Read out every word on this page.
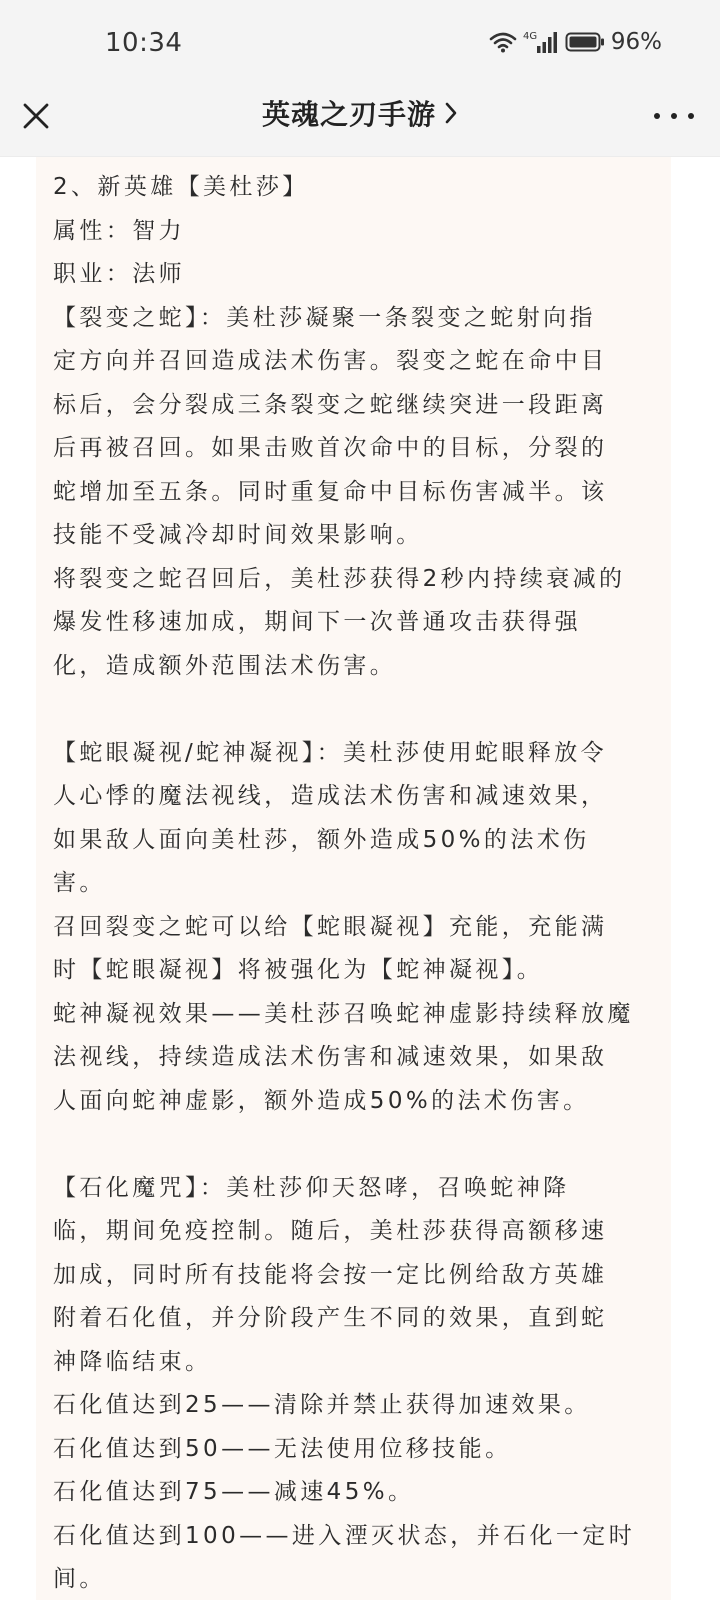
10:34	4G	96%
英魂之刃手游
2、新英雄【美杜莎】
属性：智力
职业：法师
【裂变之蛇】：美杜莎凝聚一条裂变之蛇射向指
定方向并召回造成法术伤害。裂变之蛇在命中目
标后，会分裂成三条裂变之蛇继续突进一段距离
后再被召回。如果击败首次命中的目标，分裂的
蛇增加至五条。同时重复命中目标伤害减半。该
技能不受减冷却时间效果影响。
将裂变之蛇召回后，美杜莎获得2秒内持续衰减的
爆发性移速加成，期间下一次普通攻击获得强
化，造成额外范围法术伤害。
【蛇眼凝视/蛇神凝视】：美杜莎使用蛇眼释放令
人心悸的魔法视线，造成法术伤害和减速效果，
如果敌人面向美杜莎，额外造成50%的法术伤
害。
召回裂变之蛇可以给【蛇眼凝视】充能，充能满
时【蛇眼凝视】将被强化为【蛇神凝视】。
蛇神凝视效果——美杜莎召唤蛇神虚影持续释放魔
法视线，持续造成法术伤害和减速效果，如果敌
人面向蛇神虚影，额外造成50%的法术伤害。
【石化魔咒】：美杜莎仰天怒哮，召唤蛇神降
临，期间免疫控制。随后，美杜莎获得高额移速
加成，同时所有技能将会按一定比例给敌方英雄
附着石化值，并分阶段产生不同的效果，直到蛇
神降临结束。
石化值达到25——清除并禁止获得加速效果。
石化值达到50——无法使用位移技能。
石化值达到75——减速45%。
石化值达到100——进入湮灭状态，并石化一定时
间。
